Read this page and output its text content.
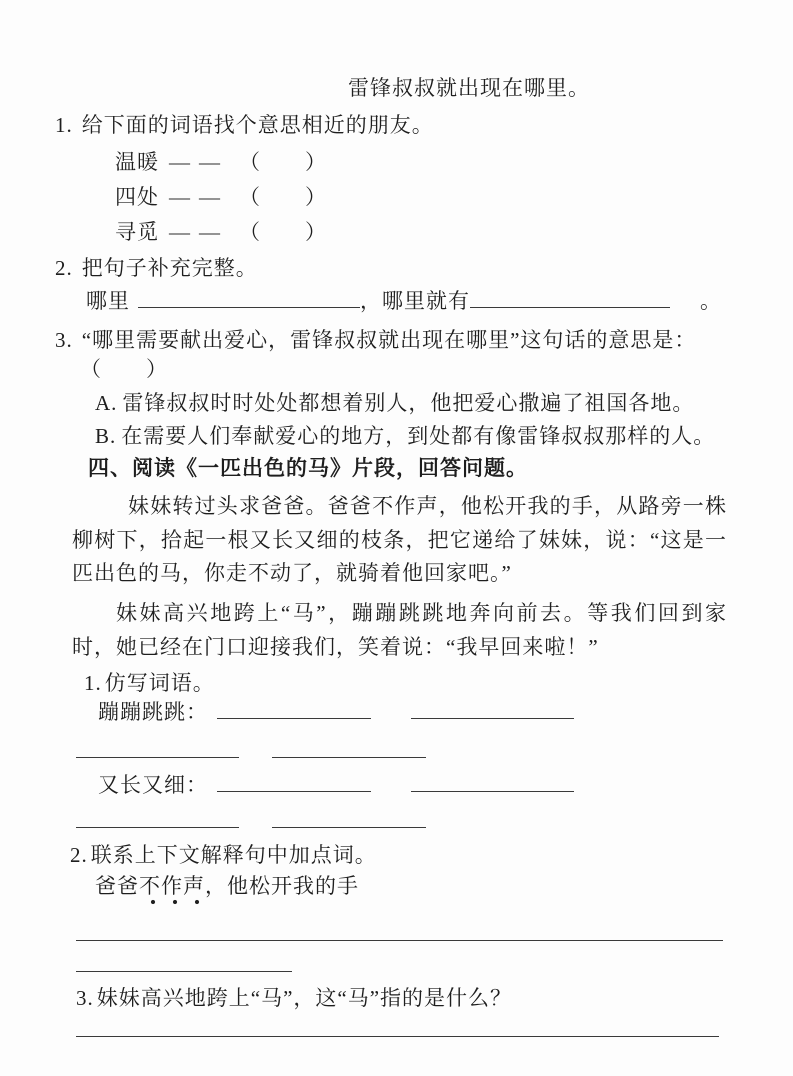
雷锋叔叔就出现在哪里。
1. 给下面的词语找个意思相近的朋友。
温暖 —— （　　）
四处 —— （　　）
寻觅 —— （　　）
2. 把句子补充完整。
哪里	，哪里就有	。
3. “哪里需要献出爱心，雷锋叔叔就出现在哪里”这句话的意思是：
（　　）
A. 雷锋叔叔时时处处都想着别人，他把爱心撒遍了祖国各地。
B. 在需要人们奉献爱心的地方，到处都有像雷锋叔叔那样的人。
四、阅读《一匹出色的马》片段，回答问题。
妹妹转过头求爸爸。爸爸不作声，他松开我的手，从路旁一株柳树下，拾起一根又长又细的枝条，把它递给了妹妹，说：“这是一匹出色的马，你走不动了，就骑着他回家吧。”
妹妹高兴地跨上“马”，蹦蹦跳跳地奔向前去。等我们回到家时，她已经在门口迎接我们，笑着说：“我早回来啦！”
1. 仿写词语。
蹦蹦跳跳：
又长又细：
2. 联系上下文解释句中加点词。
爸爸不作声，他松开我的手
3. 妹妹高兴地跨上“马”，这“马”指的是什么？
